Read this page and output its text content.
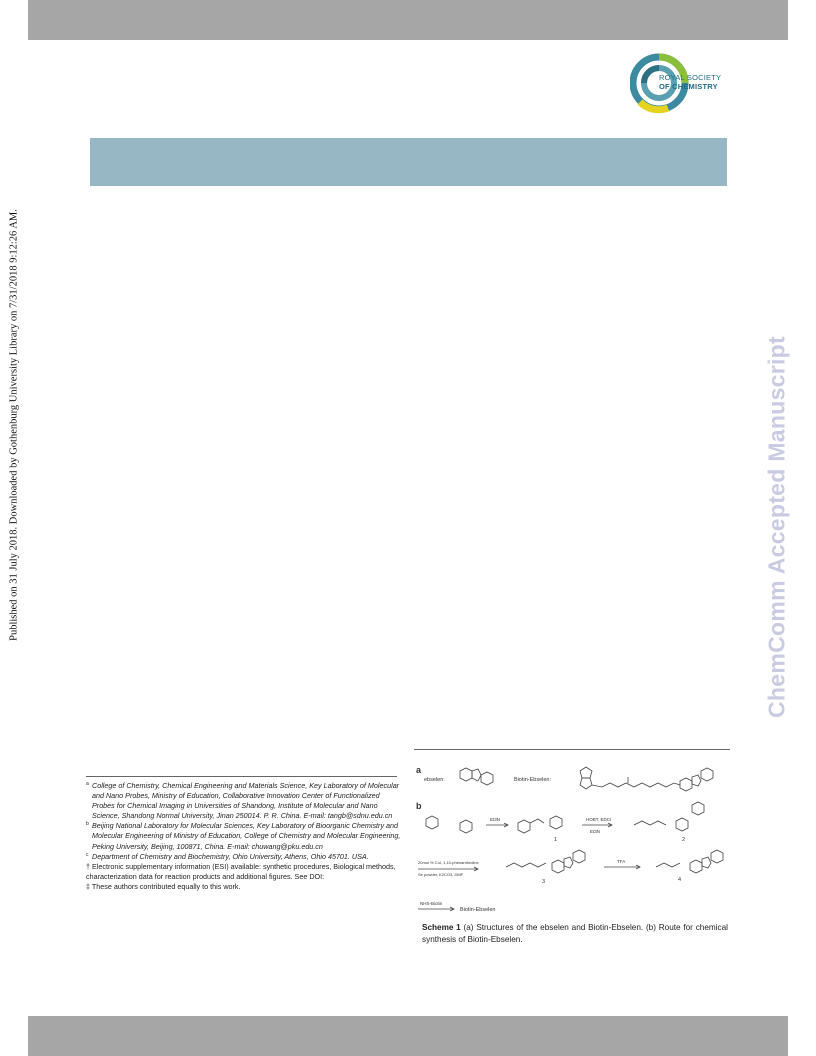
ROYAL SOCIETY
OF CHEMISTRY
Published on 31 July 2018. Downloaded by Gothenburg University Library on 7/31/2018 9:12:26 AM.	ChemComm Accepted Manuscript
a College of Chemistry, Chemical Engineering and Materials Science, Key Laboratory of Molecular and Nano Probes, Ministry of Education, Collaborative Innovation Center of Functionalized Probes for Chemical Imaging in Universities of Shandong, Institute of Molecular and Nano Science, Shandong Normal University, Jinan 250014. P. R. China. E-mail: tangb@sdnu.edu.cn
b Beijing National Laboratory for Molecular Sciences, Key Laboratory of Bioorganic Chemistry and Molecular Engineering of Ministry of Education, College of Chemistry and Molecular Engineering, Peking University, Beijing, 100871, China. E-mail: chuwang@pku.edu.cn
c Department of Chemistry and Biochemistry, Ohio University, Athens, Ohio 45701. USA.
† Electronic supplementary information (ESI) available: synthetic procedures, Biological methods, characterization data for reaction products and additional figures. See DOI:
‡ These authors contributed equally to this work.
a
ebselen:	Biotin-Ebselen:
b
Et3N	HOBT, EDCI
Et3N
1	2
20mol % CuI, 1,10-phenanthroline
Se powder, K2CO3, DMF
TFA
3	4
NHS-Biotin
Biotin-Ebselen
Scheme 1 (a) Structures of the ebselen and Biotin-Ebselen. (b) Route for chemical synthesis of Biotin-Ebselen.
